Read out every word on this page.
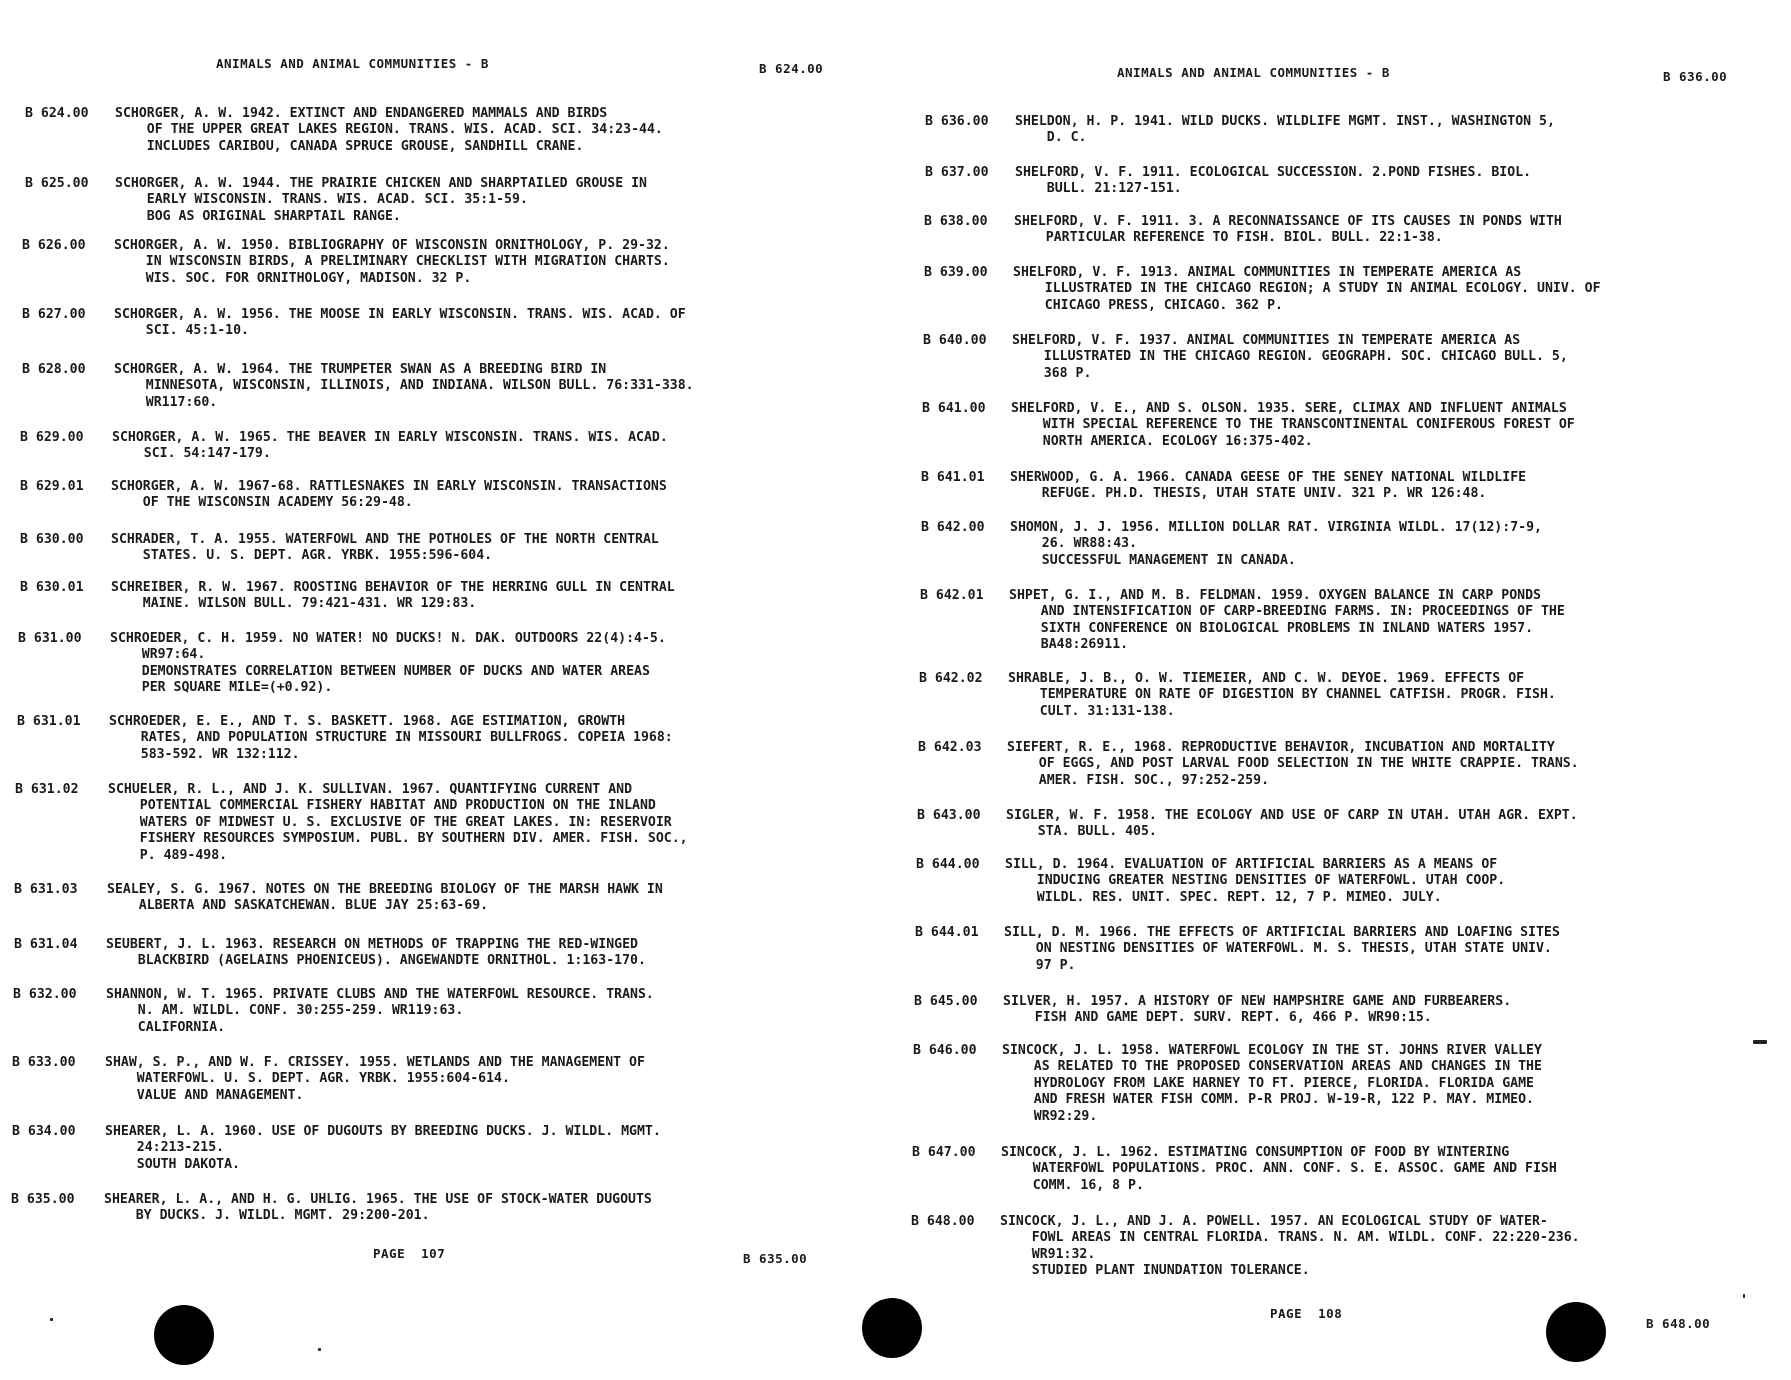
ANIMALS AND ANIMAL COMMUNITIES - B	B 624.00
B 624.00 SCHORGER, A. W. 1942. EXTINCT AND ENDANGERED MAMMALS AND BIRDS
OF THE UPPER GREAT LAKES REGION. TRANS. WIS. ACAD. SCI. 34:23-44.
INCLUDES CARIBOU, CANADA SPRUCE GROUSE, SANDHILL CRANE.
B 625.00 SCHORGER, A. W. 1944. THE PRAIRIE CHICKEN AND SHARPTAILED GROUSE IN
EARLY WISCONSIN. TRANS. WIS. ACAD. SCI. 35:1-59.
BOG AS ORIGINAL SHARPTAIL RANGE.
B 626.00 SCHORGER, A. W. 1950. BIBLIOGRAPHY OF WISCONSIN ORNITHOLOGY, P. 29-32.
IN WISCONSIN BIRDS, A PRELIMINARY CHECKLIST WITH MIGRATION CHARTS.
WIS. SOC. FOR ORNITHOLOGY, MADISON. 32 P.
B 627.00 SCHORGER, A. W. 1956. THE MOOSE IN EARLY WISCONSIN. TRANS. WIS. ACAD. OF
SCI. 45:1-10.
B 628.00 SCHORGER, A. W. 1964. THE TRUMPETER SWAN AS A BREEDING BIRD IN
MINNESOTA, WISCONSIN, ILLINOIS, AND INDIANA. WILSON BULL. 76:331-338.
WR117:60.
B 629.00 SCHORGER, A. W. 1965. THE BEAVER IN EARLY WISCONSIN. TRANS. WIS. ACAD.
SCI. 54:147-179.
B 629.01 SCHORGER, A. W. 1967-68. RATTLESNAKES IN EARLY WISCONSIN. TRANSACTIONS
OF THE WISCONSIN ACADEMY 56:29-48.
B 630.00 SCHRADER, T. A. 1955. WATERFOWL AND THE POTHOLES OF THE NORTH CENTRAL
STATES. U. S. DEPT. AGR. YRBK. 1955:596-604.
B 630.01 SCHREIBER, R. W. 1967. ROOSTING BEHAVIOR OF THE HERRING GULL IN CENTRAL
MAINE. WILSON BULL. 79:421-431. WR 129:83.
B 631.00 SCHROEDER, C. H. 1959. NO WATER! NO DUCKS! N. DAK. OUTDOORS 22(4):4-5.
WR97:64.
DEMONSTRATES CORRELATION BETWEEN NUMBER OF DUCKS AND WATER AREAS
PER SQUARE MILE=(+0.92).
B 631.01 SCHROEDER, E. E., AND T. S. BASKETT. 1968. AGE ESTIMATION, GROWTH
RATES, AND POPULATION STRUCTURE IN MISSOURI BULLFROGS. COPEIA 1968:
583-592. WR 132:112.
B 631.02 SCHUELER, R. L., AND J. K. SULLIVAN. 1967. QUANTIFYING CURRENT AND
POTENTIAL COMMERCIAL FISHERY HABITAT AND PRODUCTION ON THE INLAND
WATERS OF MIDWEST U. S. EXCLUSIVE OF THE GREAT LAKES. IN: RESERVOIR
FISHERY RESOURCES SYMPOSIUM. PUBL. BY SOUTHERN DIV. AMER. FISH. SOC.,
P. 489-498.
B 631.03 SEALEY, S. G. 1967. NOTES ON THE BREEDING BIOLOGY OF THE MARSH HAWK IN
ALBERTA AND SASKATCHEWAN. BLUE JAY 25:63-69.
B 631.04 SEUBERT, J. L. 1963. RESEARCH ON METHODS OF TRAPPING THE RED-WINGED
BLACKBIRD (AGELAINS PHOENICEUS). ANGEWANDTE ORNITHOL. 1:163-170.
B 632.00 SHANNON, W. T. 1965. PRIVATE CLUBS AND THE WATERFOWL RESOURCE. TRANS.
N. AM. WILDL. CONF. 30:255-259. WR119:63.
CALIFORNIA.
B 633.00 SHAW, S. P., AND W. F. CRISSEY. 1955. WETLANDS AND THE MANAGEMENT OF
WATERFOWL. U. S. DEPT. AGR. YRBK. 1955:604-614.
VALUE AND MANAGEMENT.
B 634.00 SHEARER, L. A. 1960. USE OF DUGOUTS BY BREEDING DUCKS. J. WILDL. MGMT.
24:213-215.
SOUTH DAKOTA.
B 635.00 SHEARER, L. A., AND H. G. UHLIG. 1965. THE USE OF STOCK-WATER DUGOUTS
BY DUCKS. J. WILDL. MGMT. 29:200-201.
PAGE  107	B 635.00
ANIMALS AND ANIMAL COMMUNITIES - B	B 636.00
B 636.00 SHELDON, H. P. 1941. WILD DUCKS. WILDLIFE MGMT. INST., WASHINGTON 5,
D. C.
B 637.00 SHELFORD, V. F. 1911. ECOLOGICAL SUCCESSION. 2.POND FISHES. BIOL.
BULL. 21:127-151.
B 638.00 SHELFORD, V. F. 1911. 3. A RECONNAISSANCE OF ITS CAUSES IN PONDS WITH
PARTICULAR REFERENCE TO FISH. BIOL. BULL. 22:1-38.
B 639.00 SHELFORD, V. F. 1913. ANIMAL COMMUNITIES IN TEMPERATE AMERICA AS
ILLUSTRATED IN THE CHICAGO REGION; A STUDY IN ANIMAL ECOLOGY. UNIV. OF
CHICAGO PRESS, CHICAGO. 362 P.
B 640.00 SHELFORD, V. F. 1937. ANIMAL COMMUNITIES IN TEMPERATE AMERICA AS
ILLUSTRATED IN THE CHICAGO REGION. GEOGRAPH. SOC. CHICAGO BULL. 5,
368 P.
B 641.00 SHELFORD, V. E., AND S. OLSON. 1935. SERE, CLIMAX AND INFLUENT ANIMALS
WITH SPECIAL REFERENCE TO THE TRANSCONTINENTAL CONIFEROUS FOREST OF
NORTH AMERICA. ECOLOGY 16:375-402.
B 641.01 SHERWOOD, G. A. 1966. CANADA GEESE OF THE SENEY NATIONAL WILDLIFE
REFUGE. PH.D. THESIS, UTAH STATE UNIV. 321 P. WR 126:48.
B 642.00 SHOMON, J. J. 1956. MILLION DOLLAR RAT. VIRGINIA WILDL. 17(12):7-9,
26. WR88:43.
SUCCESSFUL MANAGEMENT IN CANADA.
B 642.01 SHPET, G. I., AND M. B. FELDMAN. 1959. OXYGEN BALANCE IN CARP PONDS
AND INTENSIFICATION OF CARP-BREEDING FARMS. IN: PROCEEDINGS OF THE
SIXTH CONFERENCE ON BIOLOGICAL PROBLEMS IN INLAND WATERS 1957.
BA48:26911.
B 642.02 SHRABLE, J. B., O. W. TIEMEIER, AND C. W. DEYOE. 1969. EFFECTS OF
TEMPERATURE ON RATE OF DIGESTION BY CHANNEL CATFISH. PROGR. FISH.
CULT. 31:131-138.
B 642.03 SIEFERT, R. E., 1968. REPRODUCTIVE BEHAVIOR, INCUBATION AND MORTALITY
OF EGGS, AND POST LARVAL FOOD SELECTION IN THE WHITE CRAPPIE. TRANS.
AMER. FISH. SOC., 97:252-259.
B 643.00 SIGLER, W. F. 1958. THE ECOLOGY AND USE OF CARP IN UTAH. UTAH AGR. EXPT.
STA. BULL. 405.
B 644.00 SILL, D. 1964. EVALUATION OF ARTIFICIAL BARRIERS AS A MEANS OF
INDUCING GREATER NESTING DENSITIES OF WATERFOWL. UTAH COOP.
WILDL. RES. UNIT. SPEC. REPT. 12, 7 P. MIMEO. JULY.
B 644.01 SILL, D. M. 1966. THE EFFECTS OF ARTIFICIAL BARRIERS AND LOAFING SITES
ON NESTING DENSITIES OF WATERFOWL. M. S. THESIS, UTAH STATE UNIV.
97 P.
B 645.00 SILVER, H. 1957. A HISTORY OF NEW HAMPSHIRE GAME AND FURBEARERS.
FISH AND GAME DEPT. SURV. REPT. 6, 466 P. WR90:15.
B 646.00 SINCOCK, J. L. 1958. WATERFOWL ECOLOGY IN THE ST. JOHNS RIVER VALLEY
AS RELATED TO THE PROPOSED CONSERVATION AREAS AND CHANGES IN THE
HYDROLOGY FROM LAKE HARNEY TO FT. PIERCE, FLORIDA. FLORIDA GAME
AND FRESH WATER FISH COMM. P-R PROJ. W-19-R, 122 P. MAY. MIMEO.
WR92:29.
B 647.00 SINCOCK, J. L. 1962. ESTIMATING CONSUMPTION OF FOOD BY WINTERING
WATERFOWL POPULATIONS. PROC. ANN. CONF. S. E. ASSOC. GAME AND FISH
COMM. 16, 8 P.
B 648.00 SINCOCK, J. L., AND J. A. POWELL. 1957. AN ECOLOGICAL STUDY OF WATER-
FOWL AREAS IN CENTRAL FLORIDA. TRANS. N. AM. WILDL. CONF. 22:220-236.
WR91:32.
STUDIED PLANT INUNDATION TOLERANCE.
PAGE  108
B 648.00
